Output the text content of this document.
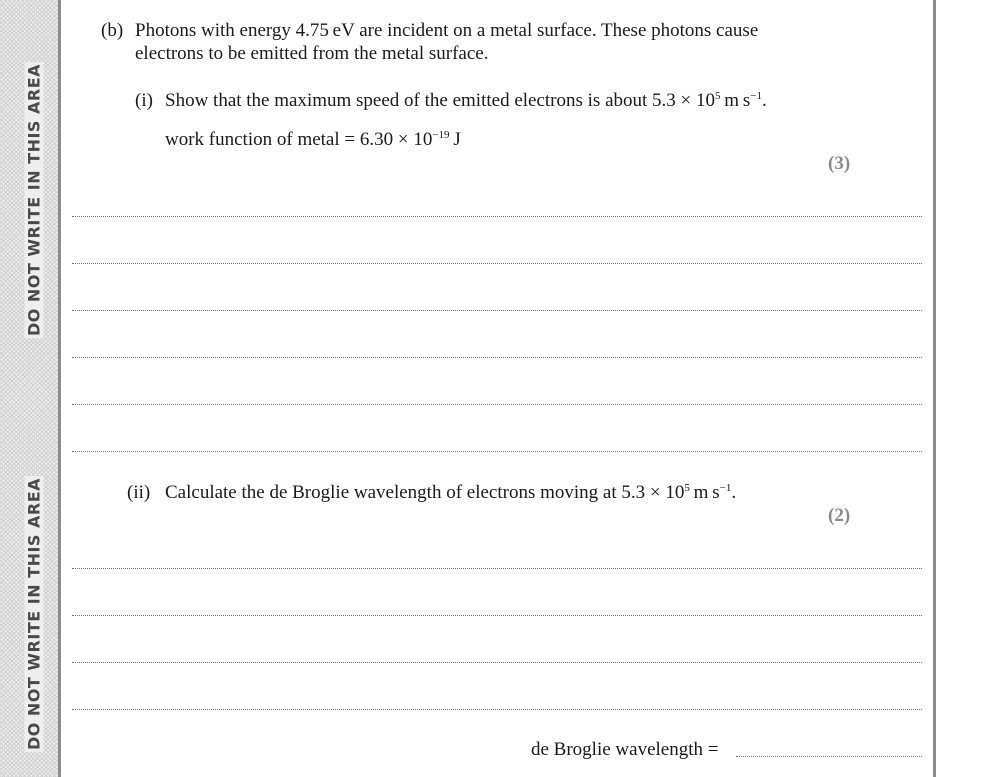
DO NOT WRITE IN THIS AREA
DO NOT WRITE IN THIS AREA
(b) Photons with energy 4.75 eV are incident on a metal surface. These photons cause
electrons to be emitted from the metal surface.
(i) Show that the maximum speed of the emitted electrons is about $5.3 \times 10^5$ m $s^{-1}$.
work function of metal = $6.30 \times 10^{-19}$ J
(3)
(ii) Calculate the de Broglie wavelength of electrons moving at $5.3 \times 10^5$ m $s^{-1}$.
(2)
de Broglie wavelength =
